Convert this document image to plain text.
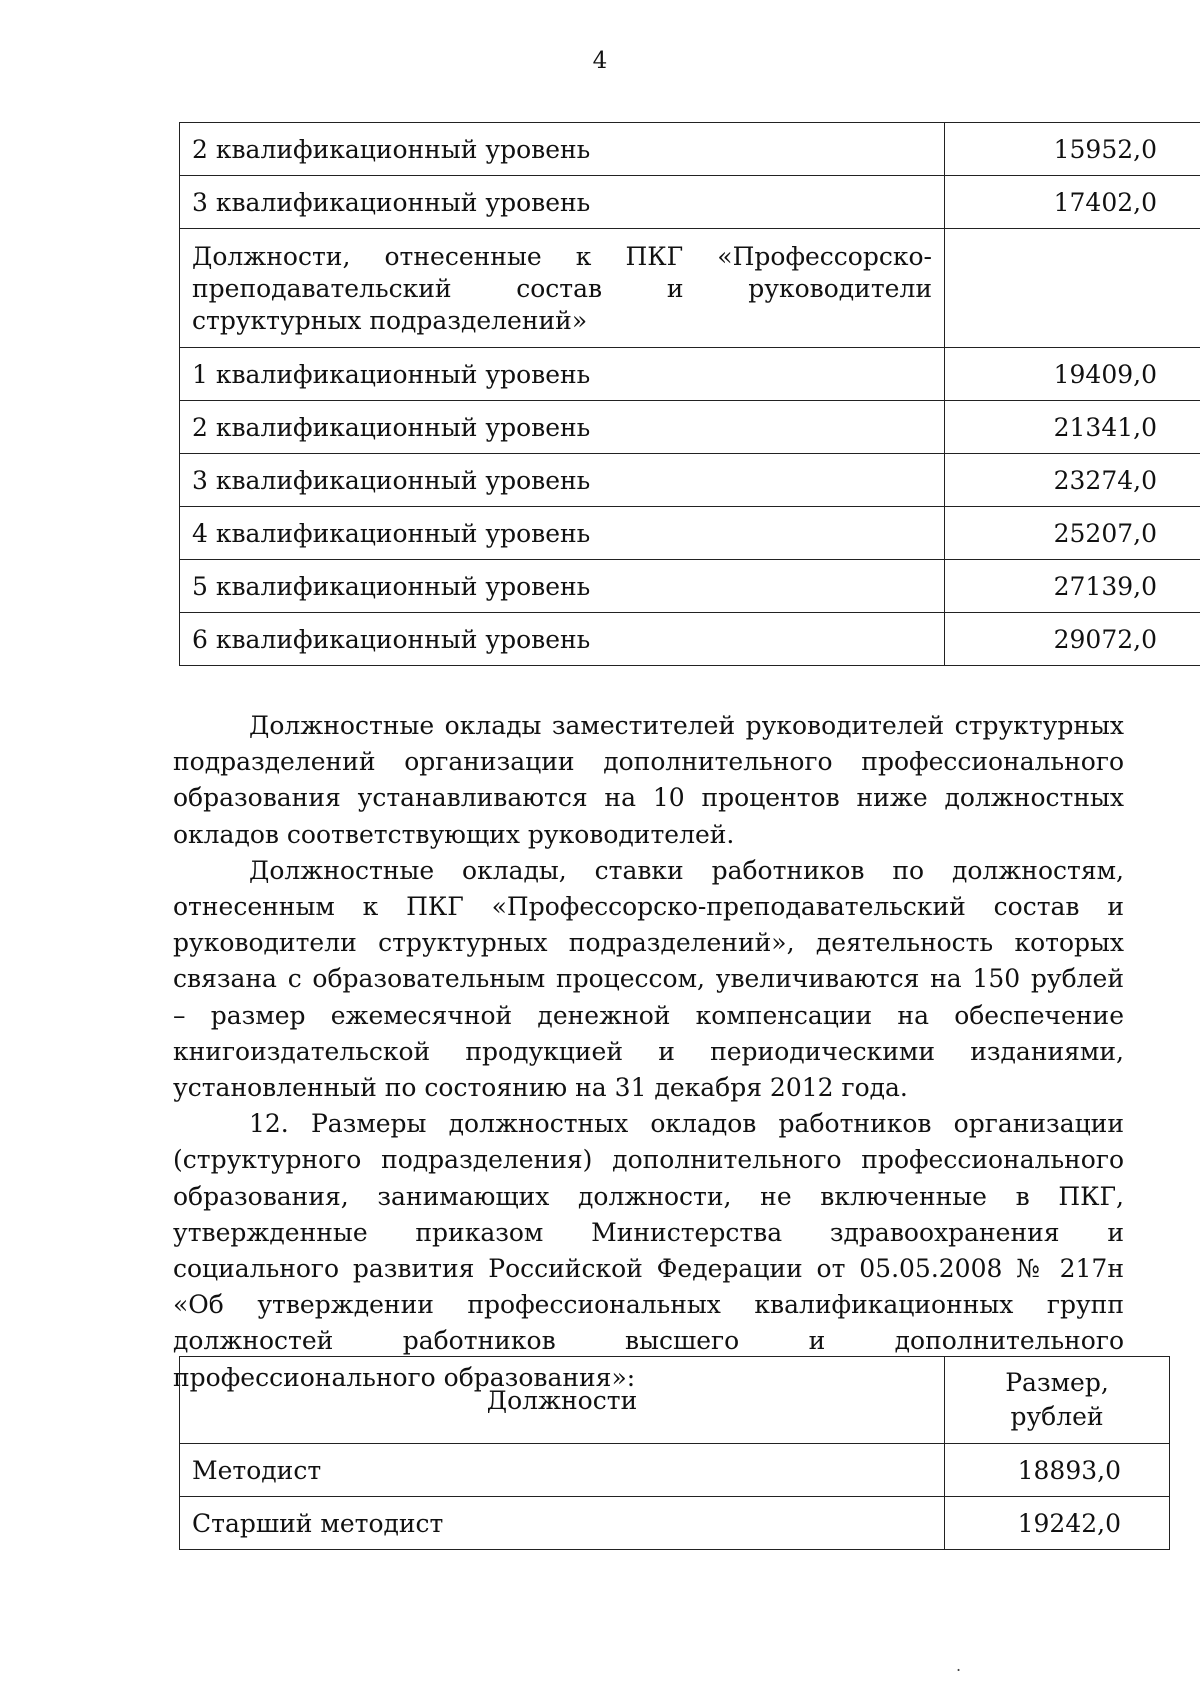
4
2 квалификационный уровень	15952,0
3 квалификационный уровень	17402,0
Должности, отнесенные к ПКГ «Профессорско-преподавательский состав и руководители структурных подразделений»	
1 квалификационный уровень	19409,0
2 квалификационный уровень	21341,0
3 квалификационный уровень	23274,0
4 квалификационный уровень	25207,0
5 квалификационный уровень	27139,0
6 квалификационный уровень	29072,0

Должностные оклады заместителей руководителей структурных подразделений организации дополнительного профессионального образования устанавливаются на 10 процентов ниже должностных окладов соответствующих руководителей.

Должностные оклады, ставки работников по должностям, отнесенным к ПКГ «Профессорско-преподавательский состав и руководители структурных подразделений», деятельность которых связана с образовательным процессом, увеличиваются на 150 рублей – размер ежемесячной денежной компенсации на обеспечение книгоиздательской продукцией и периодическими изданиями, установленный по состоянию на 31 декабря 2012 года.

12. Размеры должностных окладов работников организации (структурного подразделения) дополнительного профессионального образования, занимающих должности, не включенные в ПКГ, утвержденные приказом Министерства здравоохранения и социального развития Российской Федерации от 05.05.2008 № 217н «Об утверждении профессиональных квалификационных групп должностей работников высшего и дополнительного профессионального образования»:

Должности	Размер,
рублей

Методист	18893,0
Старший методист	19242,0
.
